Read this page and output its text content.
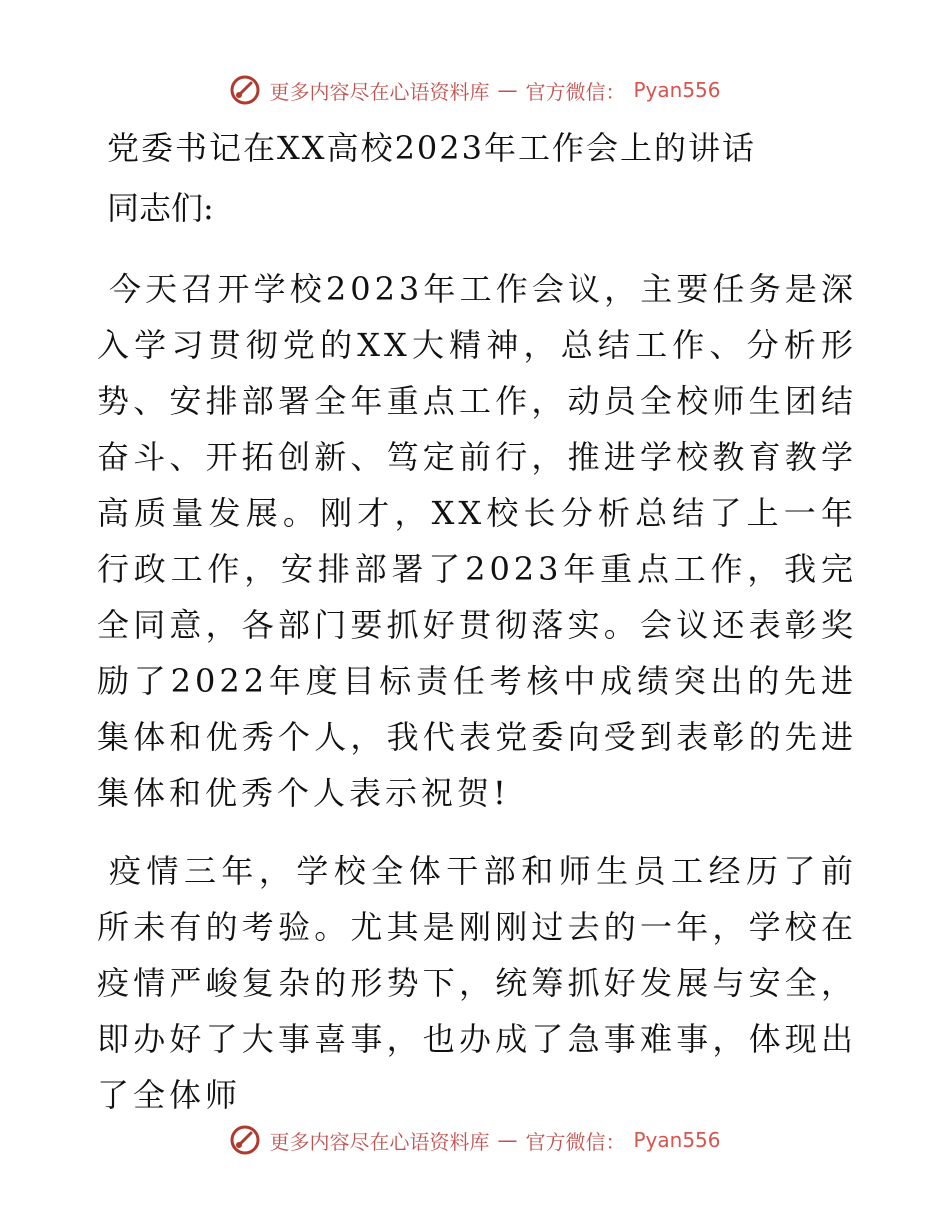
更多内容尽在心语资料库 — 官方微信： Pyan556
党委书记在XX高校2023年工作会上的讲话

同志们:

今天召开学校2023年工作会议，主要任务是深入学习贯彻党的XX大精神，总结工作、分析形势、安排部署全年重点工作，动员全校师生团结奋斗、开拓创新、笃定前行，推进学校教育教学高质量发展。刚才，XX校长分析总结了上一年行政工作，安排部署了2023年重点工作，我完全同意，各部门要抓好贯彻落实。会议还表彰奖励了2022年度目标责任考核中成绩突出的先进集体和优秀个人，我代表党委向受到表彰的先进集体和优秀个人表示祝贺!

疫情三年，学校全体干部和师生员工经历了前所未有的考验。尤其是刚刚过去的一年，学校在疫情严峻复杂的形势下，统筹抓好发展与安全，即办好了大事喜事，也办成了急事难事，体现出了全体师

更多内容尽在心语资料库 — 官方微信： Pyan556
